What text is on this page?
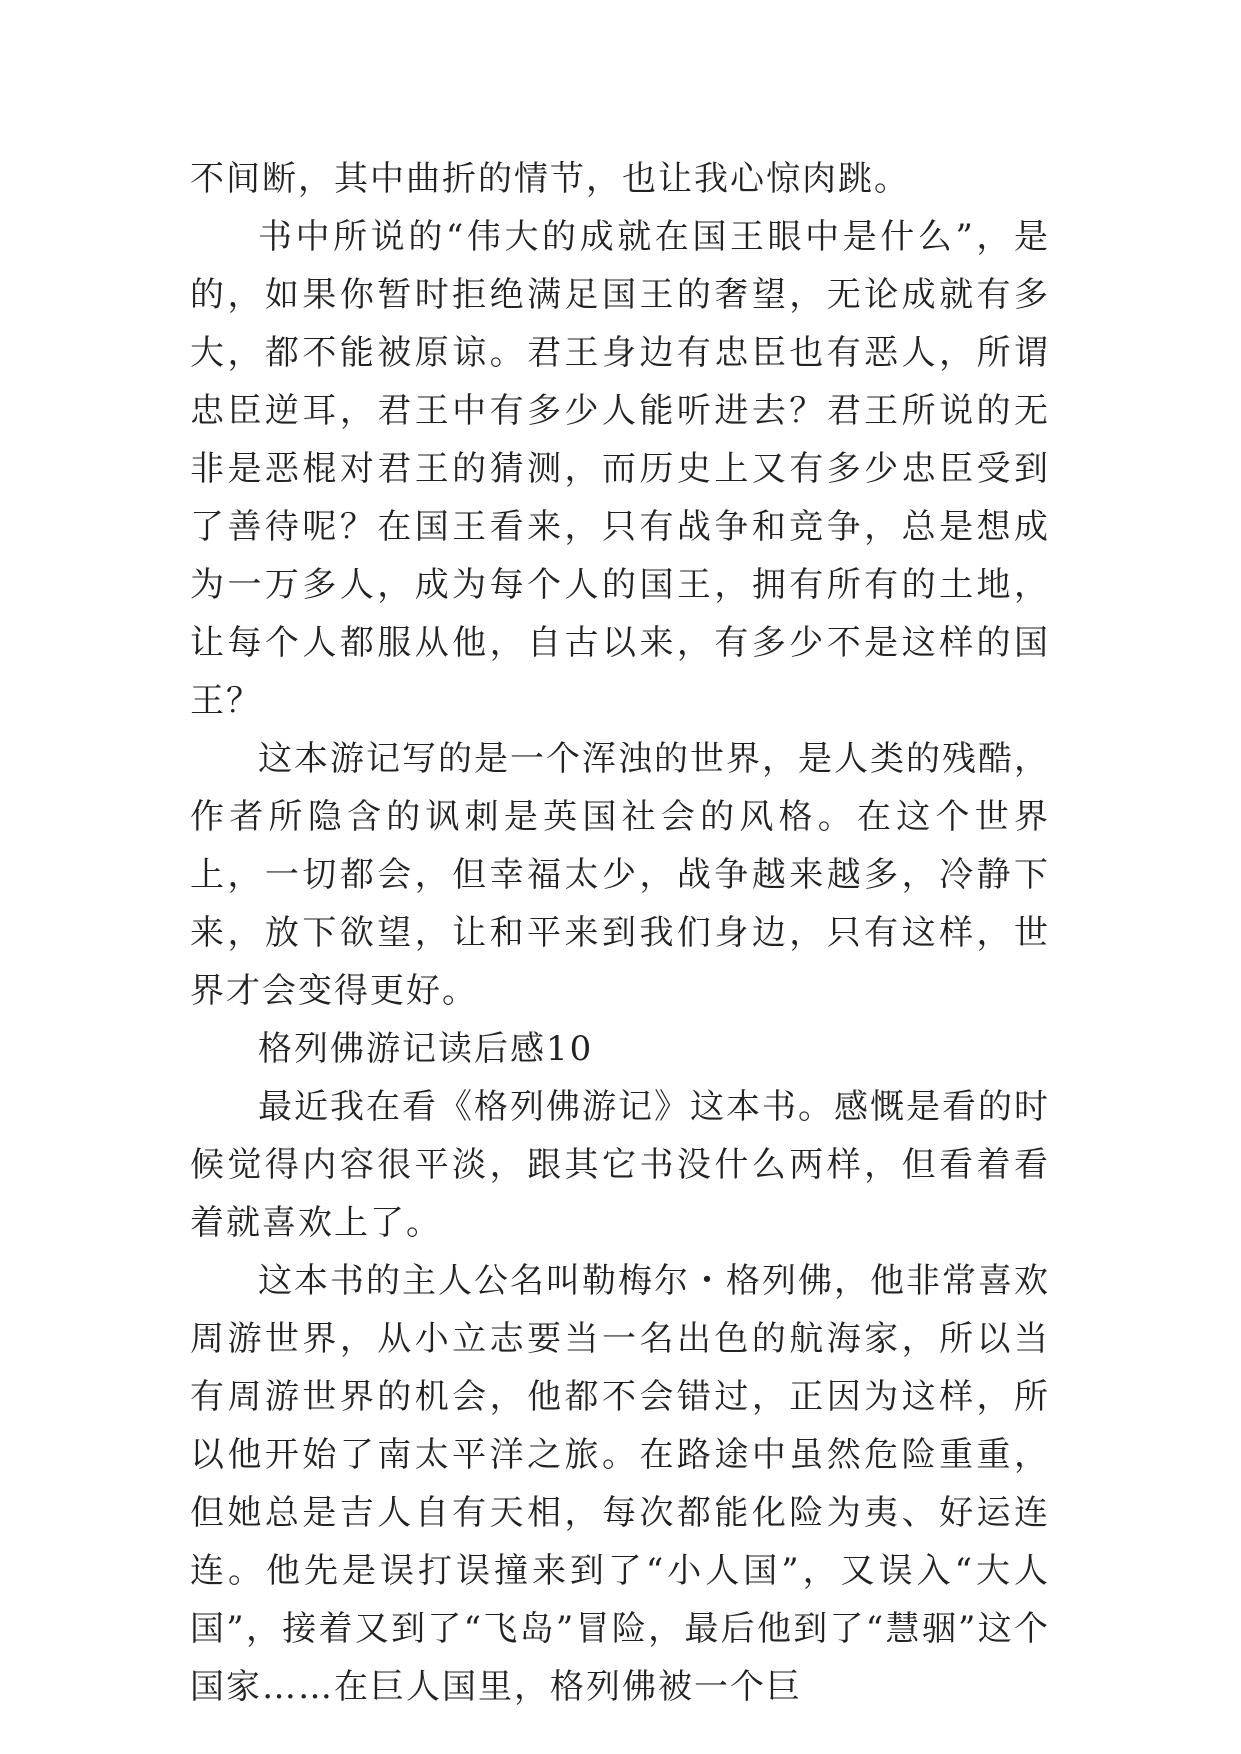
不间断，其中曲折的情节，也让我心惊肉跳。

书中所说的“伟大的成就在国王眼中是什么”，是的，如果你暂时拒绝满足国王的奢望，无论成就有多大，都不能被原谅。君王身边有忠臣也有恶人，所谓忠臣逆耳，君王中有多少人能听进去？君王所说的无非是恶棍对君王的猜测，而历史上又有多少忠臣受到了善待呢？在国王看来，只有战争和竞争，总是想成为一万多人，成为每个人的国王，拥有所有的土地，让每个人都服从他，自古以来，有多少不是这样的国王？

这本游记写的是一个浑浊的世界，是人类的残酷，作者所隐含的讽刺是英国社会的风格。在这个世界上，一切都会，但幸福太少，战争越来越多，冷静下来，放下欲望，让和平来到我们身边，只有这样，世界才会变得更好。

格列佛游记读后感10

最近我在看《格列佛游记》这本书。感慨是看的时候觉得内容很平淡，跟其它书没什么两样，但看着看着就喜欢上了。

这本书的主人公名叫勒梅尔・格列佛，他非常喜欢周游世界，从小立志要当一名出色的航海家，所以当有周游世界的机会，他都不会错过，正因为这样，所以他开始了南太平洋之旅。在路途中虽然危险重重，但她总是吉人自有天相，每次都能化险为夷、好运连连。他先是误打误撞来到了“小人国”，又误入“大人国”，接着又到了“飞岛”冒险，最后他到了“慧骃”这个国家……在巨人国里，格列佛被一个巨
